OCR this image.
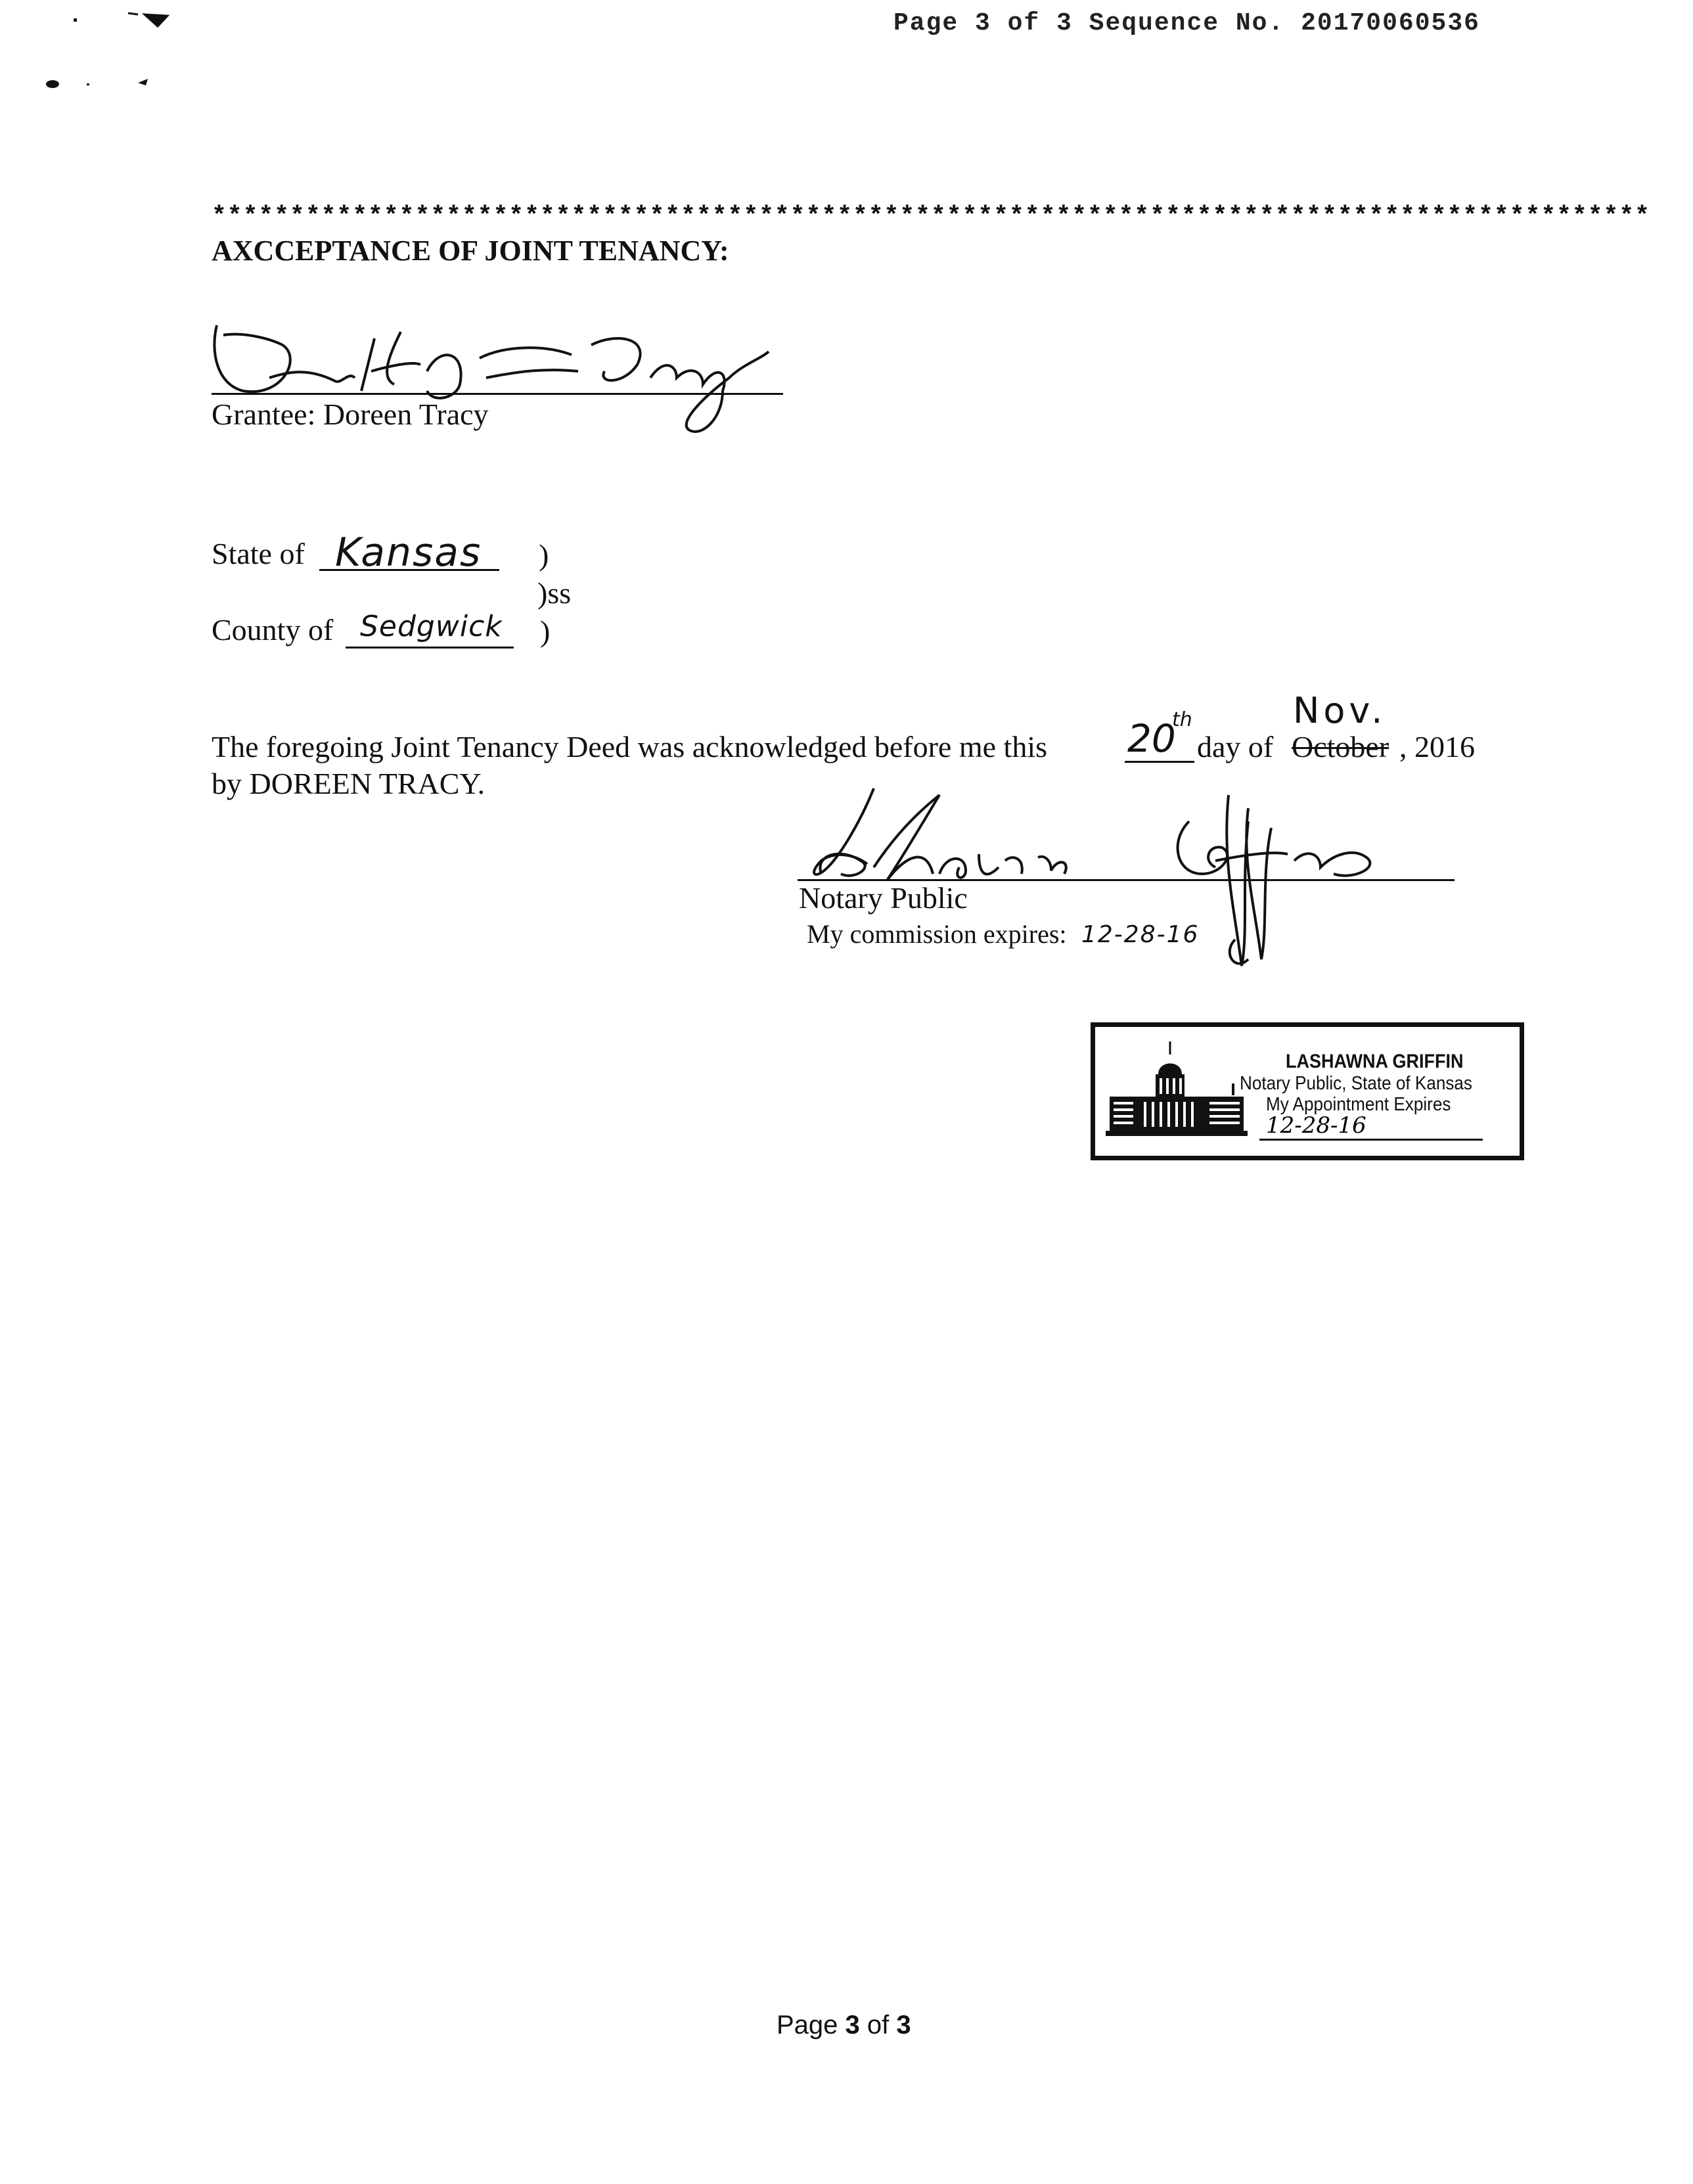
Page 3 of 3 Sequence No. 20170060536
********************************************************************************************
AXCCEPTANCE OF JOINT TENANCY:
Grantee: Doreen Tracy
State of Kansas )
)ss
County of Sedgwick )
The foregoing Joint Tenancy Deed was acknowledged before me this 20
th
day of
Nov.
October , 2016
by DOREEN TRACY.
Notary Public
My commission expires: 12-28-16
LASHAWNA GRIFFIN
Notary Public, State of Kansas
My Appointment Expires
12-28-16
Page 3 of 3
